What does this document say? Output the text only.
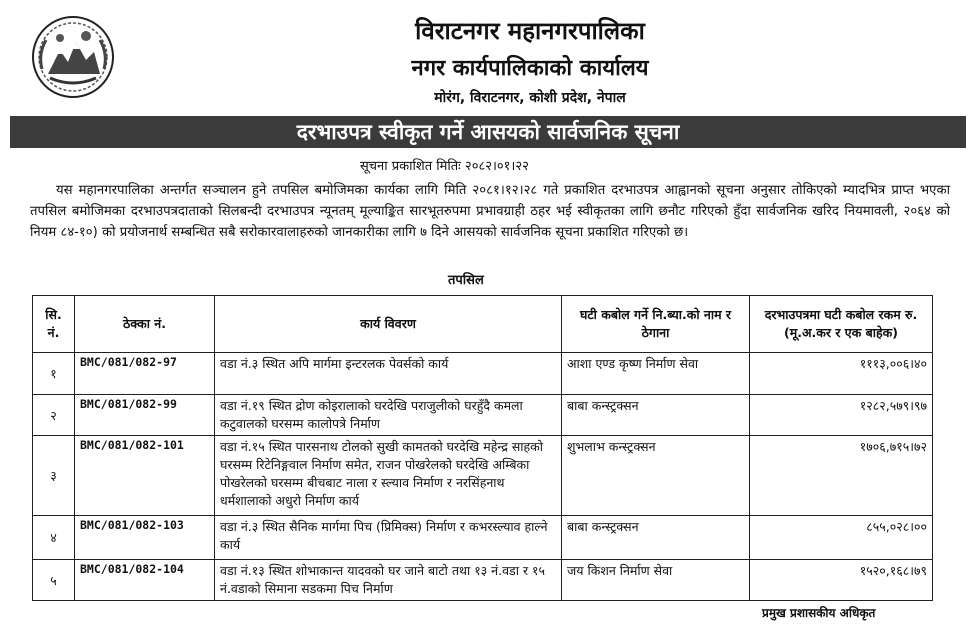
विराटनगर महानगरपालिका
नगर कार्यपालिकाको कार्यालय
मोरंग, विराटनगर, कोशी प्रदेश, नेपाल
दरभाउपत्र स्वीकृत गर्ने आसयको सार्वजनिक सूचना
सूचना प्रकाशित मितिः २०८२।०१।२२
यस महानगरपालिका अन्तर्गत सञ्चालन हुने तपसिल बमोजिमका कार्यका लागि मिति २०८१।१२।२८ गते प्रकाशित दरभाउपत्र आह्वानको सूचना अनुसार तोकिएको म्यादभित्र प्राप्त भएका तपसिल बमोजिमका दरभाउपत्रदाताको सिलबन्दी दरभाउपत्र न्यूनतम् मूल्याङ्कित सारभूतरुपमा प्रभावग्राही ठहर भई स्वीकृतका लागि छनौट गरिएको हुँदा सार्वजनिक खरिद नियमावली, २०६४ को नियम ८४-१०) को प्रयोजनार्थ सम्बन्धित सबै सरोकारवालाहरुको जानकारीका लागि ७ दिने आसयको सार्वजनिक सूचना प्रकाशित गरिएको छ।
तपसिल
सि. नं.	ठेक्का नं.	कार्य विवरण	घटी कबोल गर्ने नि.ब्या.को नाम र ठेगाना	दरभाउपत्रमा घटी कबोल रकम रु.(मू.अ.कर र एक बाहेक)
१	BMC/081/082-97	वडा नं.३ स्थित अपि मार्गमा इन्टरलक पेवर्सको कार्य	आशा एण्ड कृष्ण निर्माण सेवा	१११३,००६।४०
२	BMC/081/082-99	वडा नं.१९ स्थित द्रोण कोइरालाको घरदेखि पराजुलीको घरहुँदै कमला कटुवालको घरसम्म कालोपत्रे निर्माण	बाबा कन्स्ट्रक्सन	१२८२,५७९।९७
३	BMC/081/082-101	वडा नं.१५ स्थित पारसनाथ टोलको सुखी कामतको घरदेखि महेन्द्र साहको घरसम्म रिटेनिङ्गवाल निर्माण समेत, राजन पोखरेलको घरदेखि अम्बिका पोखरेलको घरसम्म बीचबाट नाला र स्ल्याव निर्माण र नरसिंहनाथ धर्मशालाको अधुरो निर्माण कार्य	शुभलाभ कन्स्ट्रक्सन	१७०६,७१५।७२
४	BMC/081/082-103	वडा नं.३ स्थित सैनिक मार्गमा पिच (प्रिमिक्स) निर्माण र कभरस्ल्याव हाल्ने कार्य	बाबा कन्स्ट्रक्सन	८५५,०२८।००
५	BMC/081/082-104	वडा नं.१३ स्थित शोभाकान्त यादवको घर जाने बाटो तथा १३ नं.वडा र १५ नं.वडाको सिमाना सडकमा पिच निर्माण	जय किशन निर्माण सेवा	१५२०,१६८।७९
प्रमुख प्रशासकीय अधिकृत
